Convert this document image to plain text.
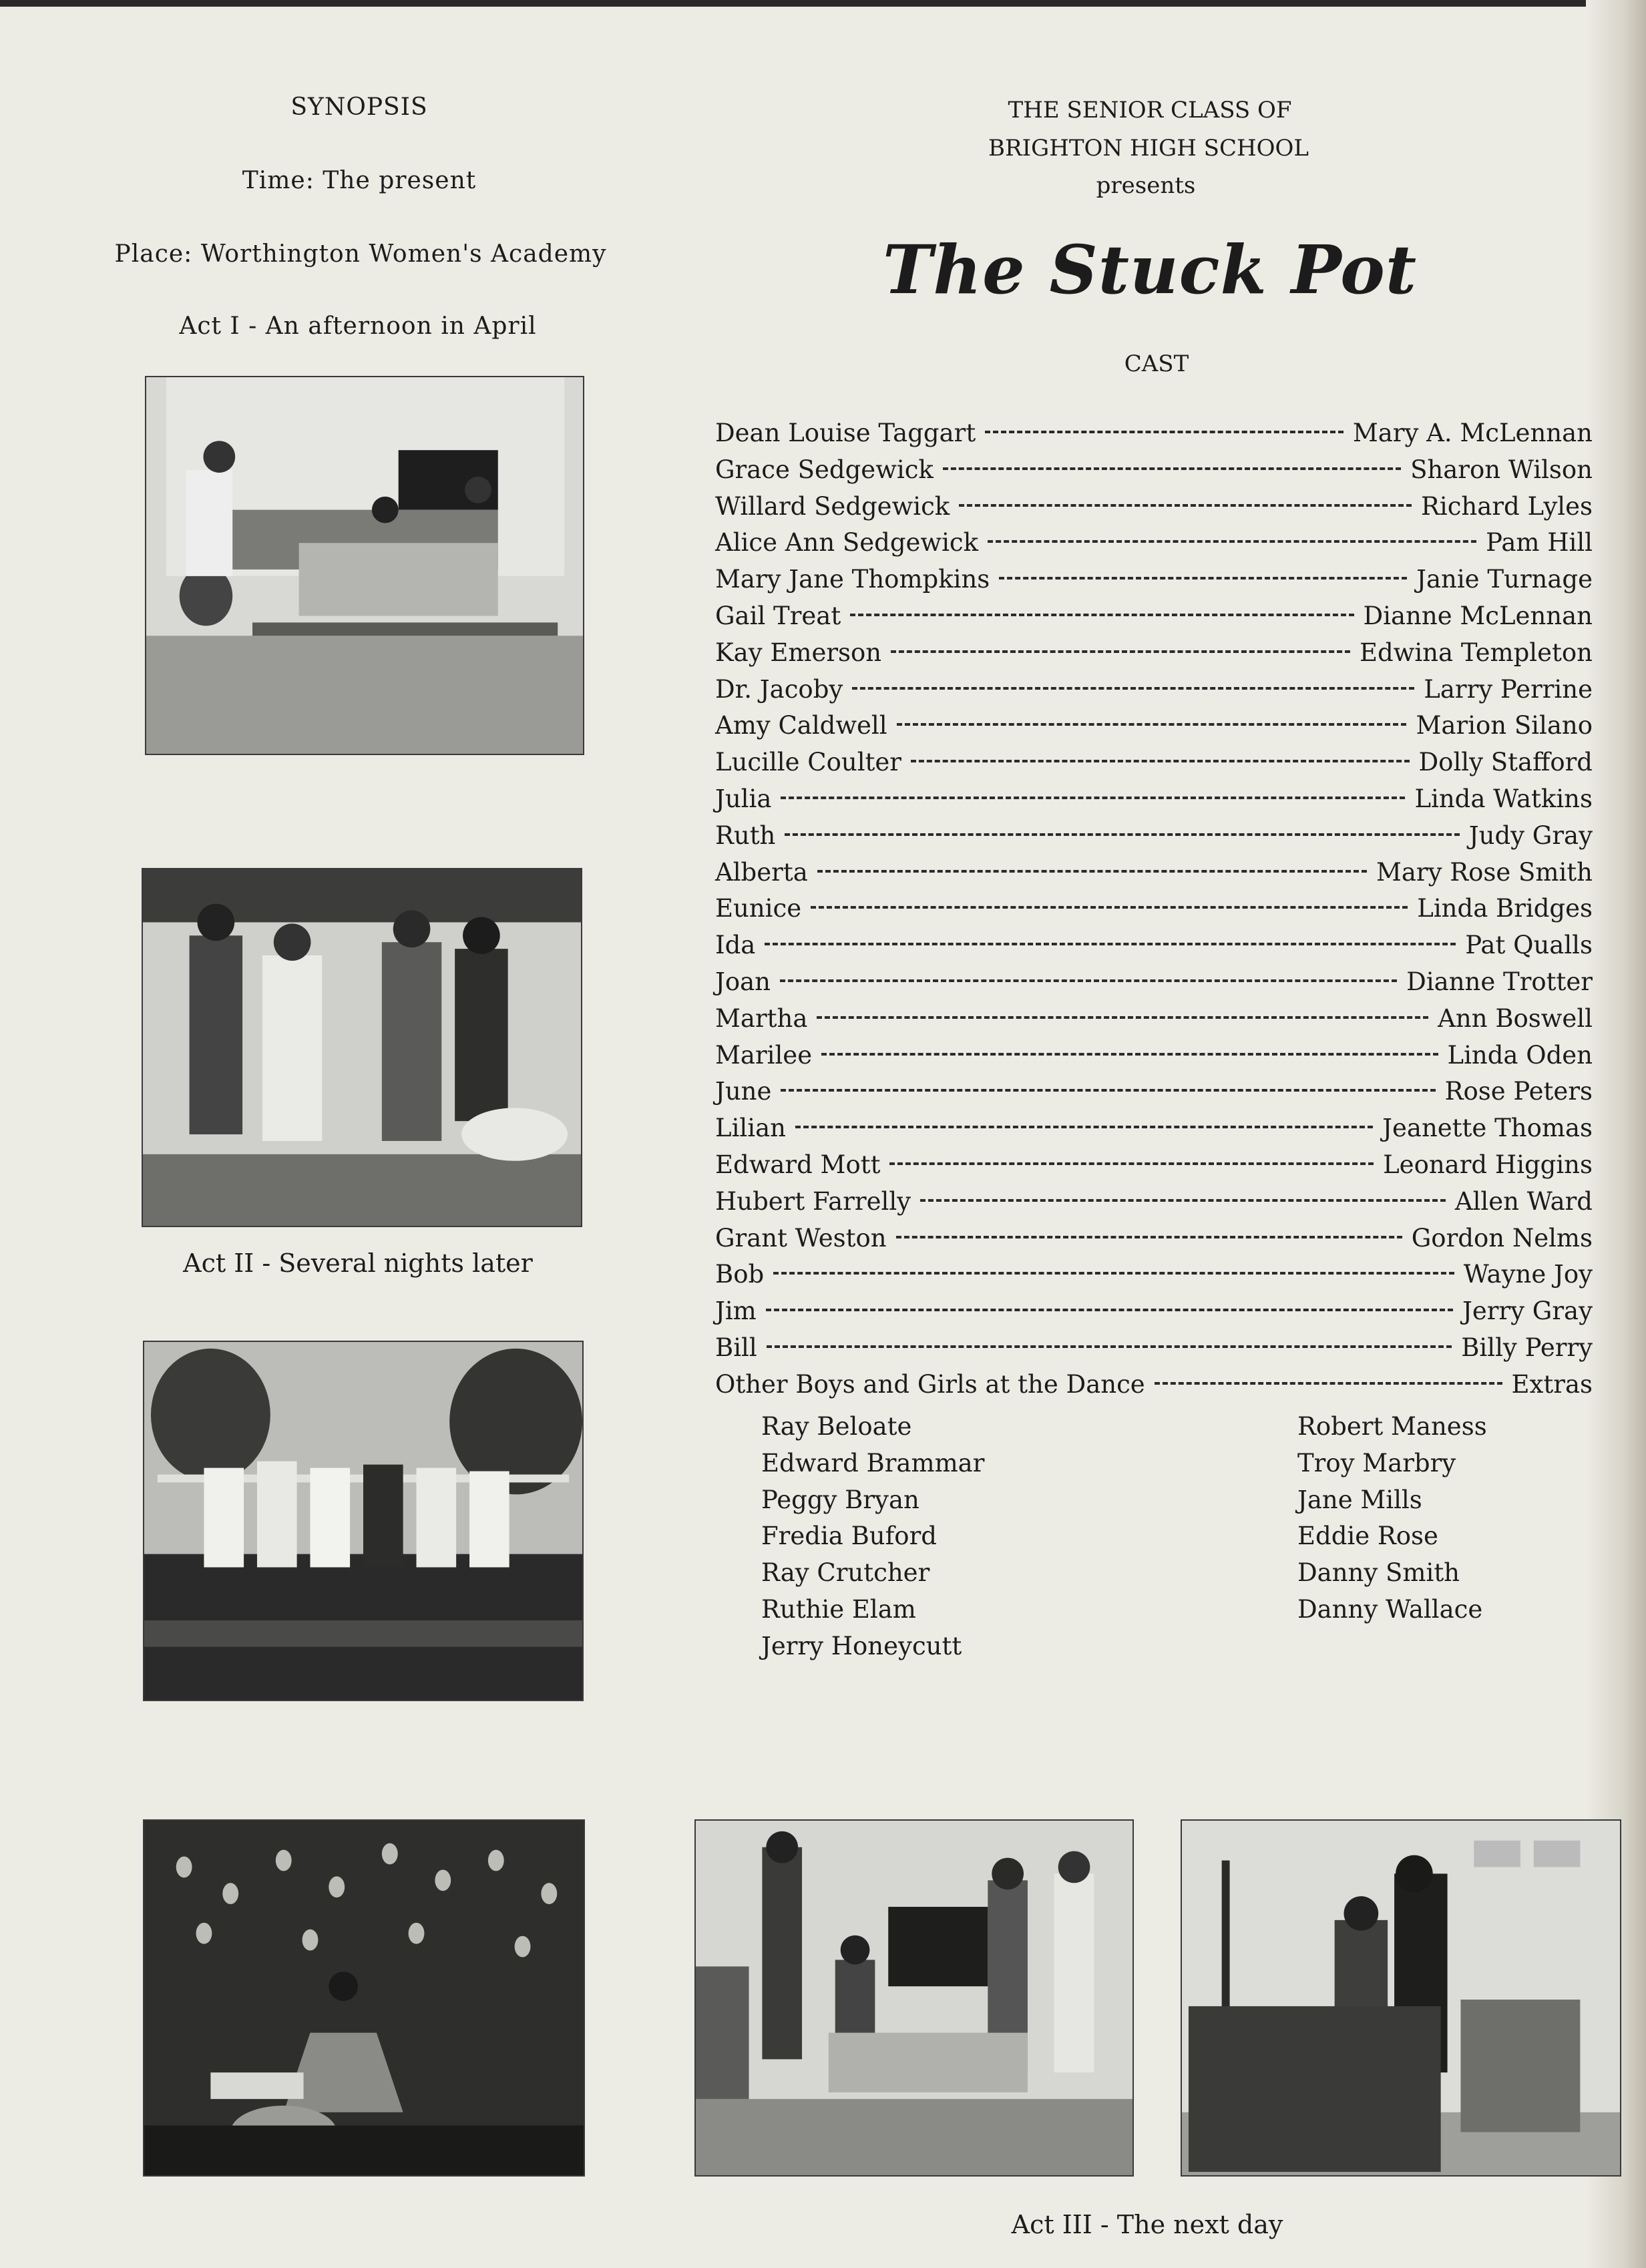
SYNOPSIS
Time: The present
Place: Worthington Women's Academy
Act I - An afternoon in April
Act II - Several nights later
Act III - The next day
THE SENIOR CLASS OF
BRIGHTON HIGH SCHOOL
presents
The Stuck Pot
CAST
Dean Louise Taggart	Mary A. McLennan
Grace Sedgewick	Sharon Wilson
Willard Sedgewick	Richard Lyles
Alice Ann Sedgewick	Pam Hill
Mary Jane Thompkins	Janie Turnage
Gail Treat	Dianne McLennan
Kay Emerson	Edwina Templeton
Dr. Jacoby	Larry Perrine
Amy Caldwell	Marion Silano
Lucille Coulter	Dolly Stafford
Julia	Linda Watkins
Ruth	Judy Gray
Alberta	Mary Rose Smith
Eunice	Linda Bridges
Ida	Pat Qualls
Joan	Dianne Trotter
Martha	Ann Boswell
Marilee	Linda Oden
June	Rose Peters
Lilian	Jeanette Thomas
Edward Mott	Leonard Higgins
Hubert Farrelly	Allen Ward
Grant Weston	Gordon Nelms
Bob	Wayne Joy
Jim	Jerry Gray
Bill	Billy Perry
Other Boys and Girls at the Dance	Extras
Ray Beloate
Edward Brammar
Peggy Bryan
Fredia Buford
Ray Crutcher
Ruthie Elam
Jerry Honeycutt
Robert Maness
Troy Marbry
Jane Mills
Eddie Rose
Danny Smith
Danny Wallace
